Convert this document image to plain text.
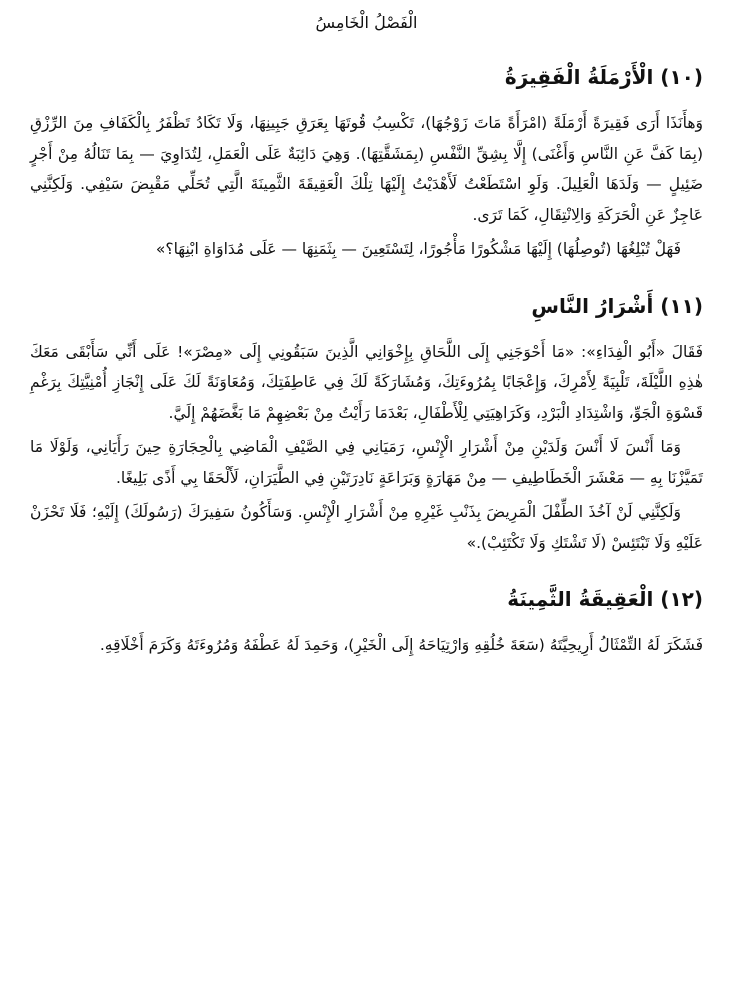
الْفَصْلُ الْخَامِسُ
(١٠) الْأَرْمَلَةُ الْفَقِيرَةُ

وَهأَنَذَا أَرَى فَقِيرَةً أَرْمَلَةً (امْرَأَةً مَاتَ زَوْجُهَا)، تَكْسِبُ قُوتَهَا بِعَرَقِ جَبِينِهَا، وَلَا تَكَادُ تَظْفَرُ بِالْكَفَافِ مِنَ الرِّزْقِ (بِمَا كَفَّ عَنِ النَّاسِ وَأَغْنَى) إِلَّا بِشِقِّ النَّفْسِ (بِمَشَقَّتِهَا). وَهِيَ دَائِبَةٌ عَلَى الْعَمَلِ، لِتُدَاوِيَ — بِمَا تَنَالُهُ مِنْ أَجْرٍ ضَئِيلٍ — وَلَدَهَا الْعَلِيلَ. وَلَوِ اسْتَطَعْتُ لَأَهْدَيْتُ إِلَيْهَا تِلْكَ الْعَقِيقَةَ الثَّمِينَةَ الَّتِي تُحَلِّي مَقْبِضَ سَيْفِي. وَلَكِنَّنِي عَاجِزٌ عَنِ الْحَرَكَةِ وَالِانْتِقَالِ، كَمَا تَرَى.

فَهَلْ تُبْلِغُهَا (تُوصِلُهَا) إِلَيْهَا مَشْكُورًا مَأْجُورًا، لِتَسْتَعِينَ — بِثَمَنِهَا — عَلَى مُدَاوَاةِ ابْنِهَا؟»

(١١) أَشْرَارُ النَّاسِ

فَقَالَ «أَبُو الْفِدَاءِ»: «مَا أَحْوَجَنِي إِلَى اللَّحَاقِ بِإِخْوَانِي الَّذِينَ سَبَقُونِي إِلَى «مِصْرَ»! عَلَى أَنِّي سَأَبْقَى مَعَكَ هٰذِهِ اللَّيْلَةَ، تَلْبِيَةً لِأَمْرِكَ، وَإِعْجَابًا بِمُرُوءَتِكَ، وَمُشَارَكَةً لَكَ فِي عَاطِفَتِكَ، وَمُعَاوَنَةً لَكَ عَلَى إِنْجَازِ أُمْنِيَّتِكَ بِرَغْمِ قَسْوَةِ الْجَوِّ، وَاشْتِدَادِ الْبَرْدِ، وَكَرَاهِيَتِي لِلْأَطْفَالِ، بَعْدَمَا رَأَيْتُ مِنْ بَعْضِهِمْ مَا بَغَّضَهُمْ إِلَيَّ.

وَمَا أَنْسَ لَا أَنْسَ وَلَدَيْنِ مِنْ أَشْرَارِ الْإِنْسِ، رَمَيَانِي فِي الصَّيْفِ الْمَاضِي بِالْحِجَارَةِ حِينَ رَأَيَانِي، وَلَوْلَا مَا تَمَيَّزْنَا بِهِ — مَعْشَرَ الْخَطَاطِيفِ — مِنْ مَهَارَةٍ وَبَرَاعَةٍ نَادِرَتَيْنِ فِي الطَّيَرَانِ، لَأَلْحَقَا بِي أَذًى بَلِيغًا.

وَلَكِنَّنِي لَنْ آخُذَ الطِّفْلَ الْمَرِيضَ بِذَنْبِ غَيْرِهِ مِنْ أَشْرَارِ الْإِنْسِ. وَسَأَكُونُ سَفِيرَكَ (رَسُولَكَ) إِلَيْهِ؛ فَلَا تَحْزَنْ عَلَيْهِ وَلَا تَبْتَئِسْ (لَا تَشْتَكِ وَلَا تَكْتَئِبْ).»

(١٢) الْعَقِيقَةُ الثَّمِينَةُ

فَشَكَرَ لَهُ التِّمْثَالُ أَرِيحِيَّتَهُ (سَعَةَ خُلُقِهِ وَارْتِيَاحَهُ إِلَى الْخَيْرِ)، وَحَمِدَ لَهُ عَطْفَهُ وَمُرُوءَتَهُ وَكَرَمَ أَخْلَاقِهِ.
